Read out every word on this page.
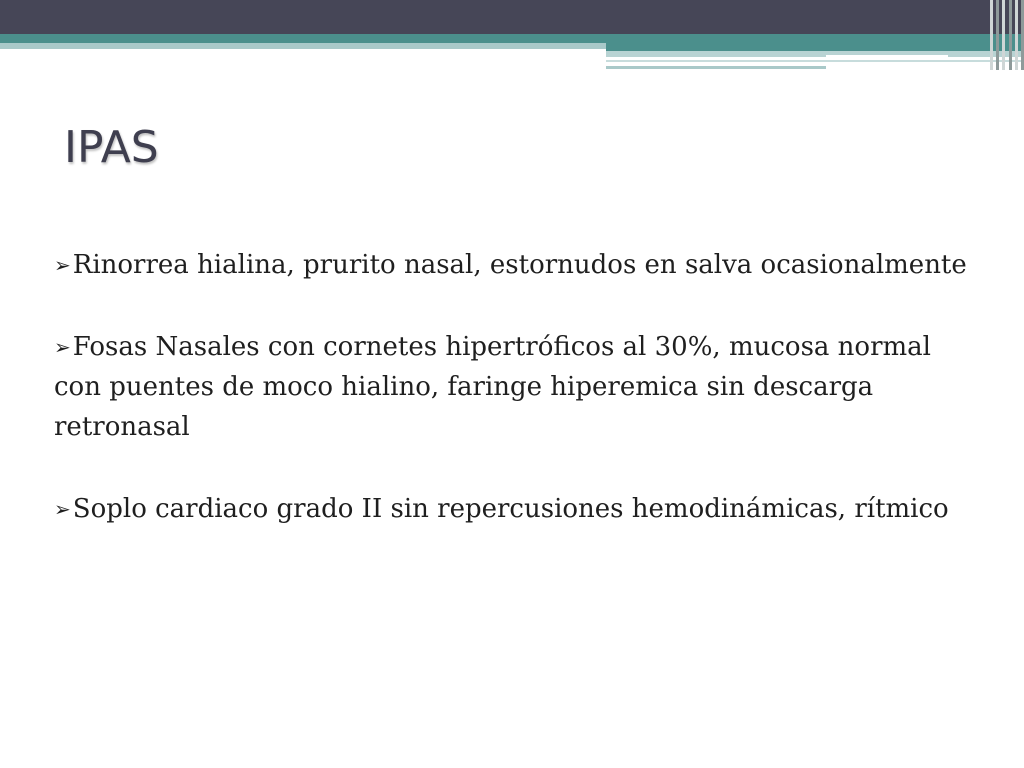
IPAS

➢Rinorrea hialina, prurito nasal, estornudos en salva ocasionalmente

➢Fosas Nasales con cornetes hipertróficos al 30%, mucosa normal con puentes de moco hialino, faringe hiperemica sin descarga retronasal

➢Soplo cardiaco grado II sin repercusiones hemodinámicas, rítmico
